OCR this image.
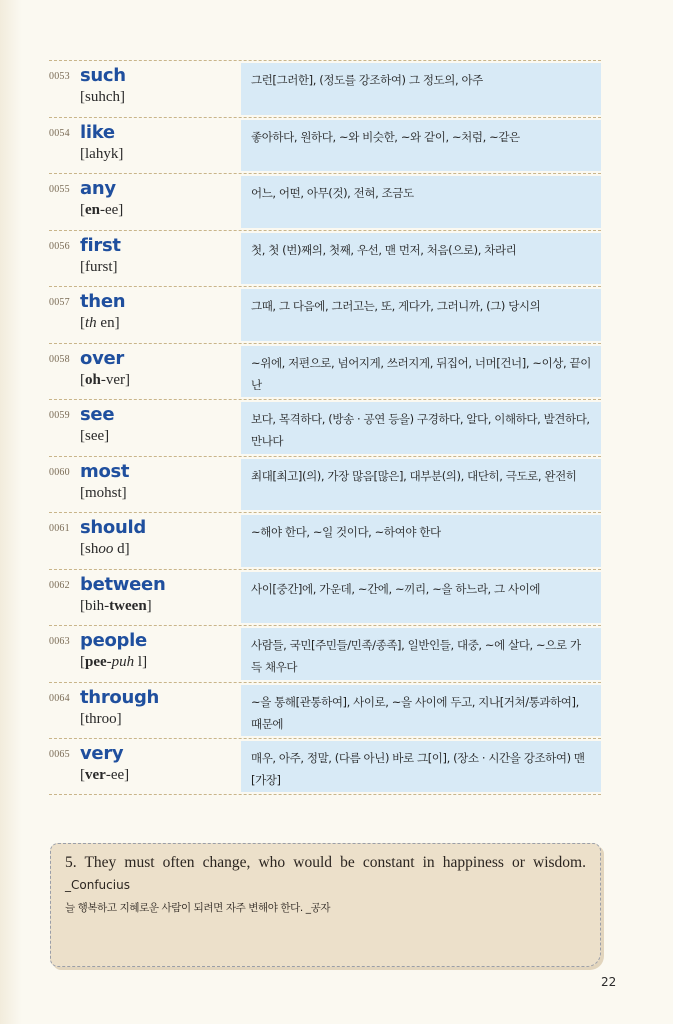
0053 such
[suhch]
그런[그러한], (정도를 강조하여) 그 정도의, 아주
0054 like
[lahyk]
좋아하다, 원하다, ~와 비슷한, ~와 같이, ~처럼, ~같은
0055 any
[en-ee]
어느, 어떤, 아무(것), 전혀, 조금도
0056 first
[furst]
첫, 첫 (번)째의, 첫째, 우선, 맨 먼저, 처음(으로), 차라리
0057 then
[th en]
그때, 그 다음에, 그러고는, 또, 게다가, 그러니까, (그) 당시의
0058 over
[oh-ver]
~위에, 저편으로, 넘어지게, 쓰러지게, 뒤집어, 너머[건너], ~이상, 끝이 난
0059 see
[see]
보다, 목격하다, (방송 · 공연 등을) 구경하다, 알다, 이해하다, 발견하다, 만나다
0060 most
[mohst]
최대[최고](의), 가장 많음[많은], 대부분(의), 대단히, 극도로, 완전히
0061 should
[shoo d]
~해야 한다, ~일 것이다, ~하여야 한다
0062 between
[bih-tween]
사이[중간]에, 가운데, ~간에, ~끼리, ~을 하느라, 그 사이에
0063 people
[pee-puh l]
사람들, 국민[주민들/민족/종족], 일반인들, 대중, ~에 살다, ~으로 가득 채우다
0064 through
[throo]
~을 통해[관통하여], 사이로, ~을 사이에 두고, 지나[거쳐/통과하여], 때문에
0065 very
[ver-ee]
매우, 아주, 정말, (다름 아닌) 바로 그[이], (장소 · 시간을 강조하여) 맨[가장]
5. They must often change, who would be constant in happiness or wisdom. _Confucius
늘 행복하고 지혜로운 사람이 되려면 자주 변해야 한다. _공자
22
